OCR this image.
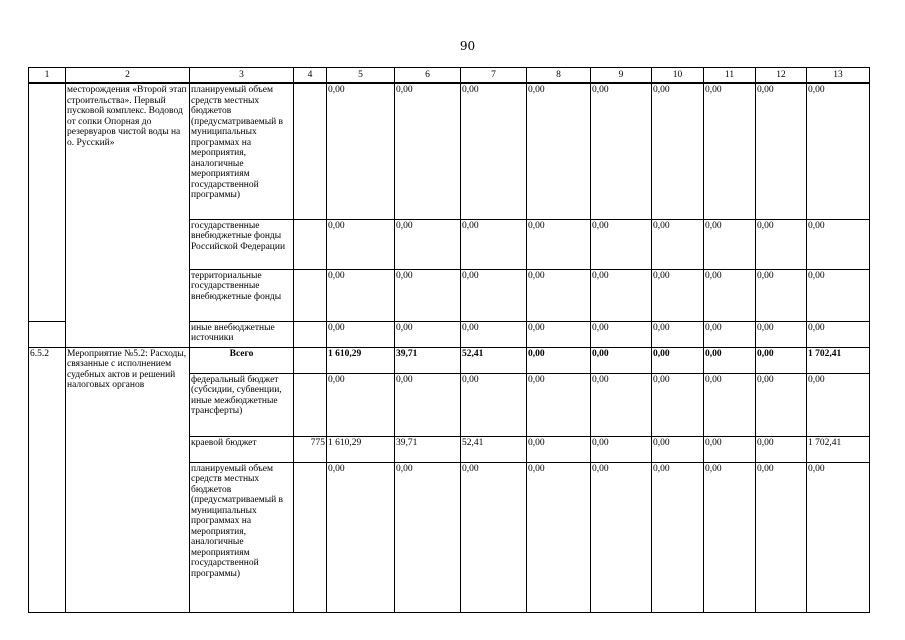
90
1	2	3	4	5	6	7	8	9	10	11	12	13
	месторождения «Второй этап строительства». Первый пусковой комплекс. Водовод от сопки Опорная до резервуаров чистой воды на о. Русский»	планируемый объем средств местных бюджетов (предусматриваемый в муниципальных программах на мероприятия, аналогичные мероприятиям государственной программы)		0,00	0,00	0,00	0,00	0,00	0,00	0,00	0,00	0,00
		государственные внебюджетные фонды Российской Федерации		0,00	0,00	0,00	0,00	0,00	0,00	0,00	0,00	0,00
		территориальные государственные внебюджетные фонды		0,00	0,00	0,00	0,00	0,00	0,00	0,00	0,00	0,00
		иные внебюджетные источники		0,00	0,00	0,00	0,00	0,00	0,00	0,00	0,00	0,00
6.5.2	Мероприятие №5.2: Расходы, связанные с исполнением судебных актов и решений налоговых органов	Всего		1 610,29	39,71	52,41	0,00	0,00	0,00	0,00	0,00	1 702,41
		федеральный бюджет (субсидии, субвенции, иные межбюджетные трансферты)		0,00	0,00	0,00	0,00	0,00	0,00	0,00	0,00	0,00
		краевой бюджет	775	1 610,29	39,71	52,41	0,00	0,00	0,00	0,00	0,00	1 702,41
		планируемый объем средств местных бюджетов (предусматриваемый в муниципальных программах на мероприятия, аналогичные мероприятиям государственной программы)		0,00	0,00	0,00	0,00	0,00	0,00	0,00	0,00	0,00
